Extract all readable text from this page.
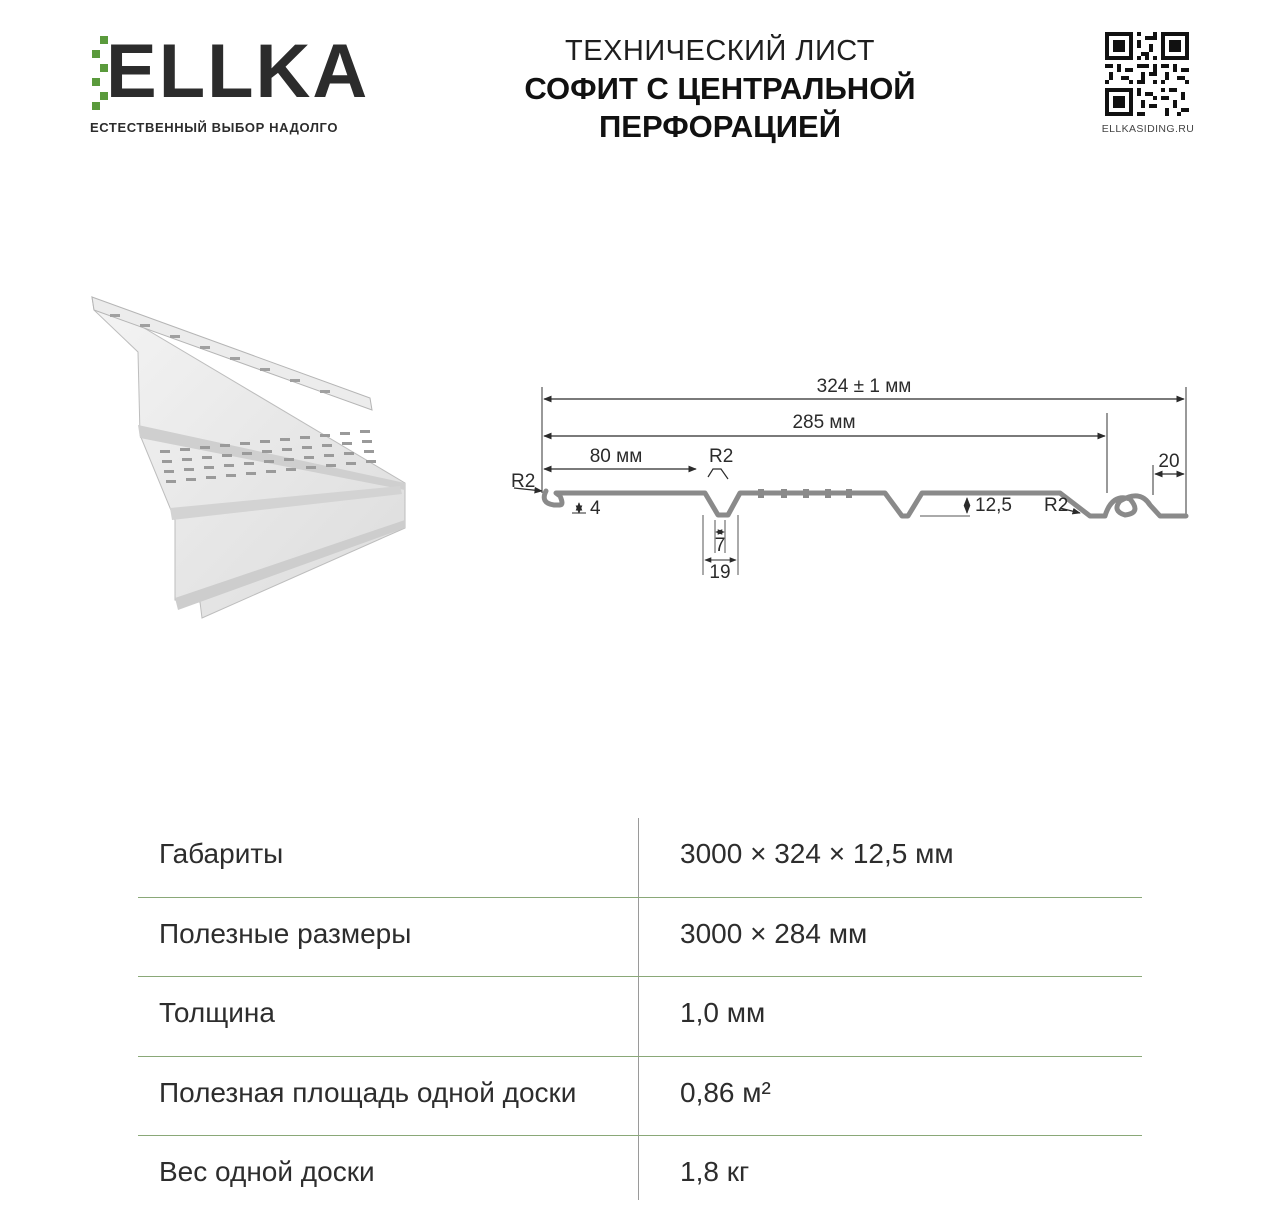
ELLKA
ЕСТЕСТВЕННЫЙ ВЫБОР НАДОЛГО
ТЕХНИЧЕСКИЙ ЛИСТ
СОФИТ С ЦЕНТРАЛЬНОЙ
ПЕРФОРАЦИЕЙ	ELLKASIDING.RU
324 ± 1 мм
285 мм
80 мм
R2
R2
R2
4	12,5
7
19
20
Габариты	3000 × 324 × 12,5 мм
Полезные размеры	3000 × 284 мм
Толщина	1,0 мм
Полезная площадь одной доски	0,86 м²
Вес одной доски	1,8 кг
